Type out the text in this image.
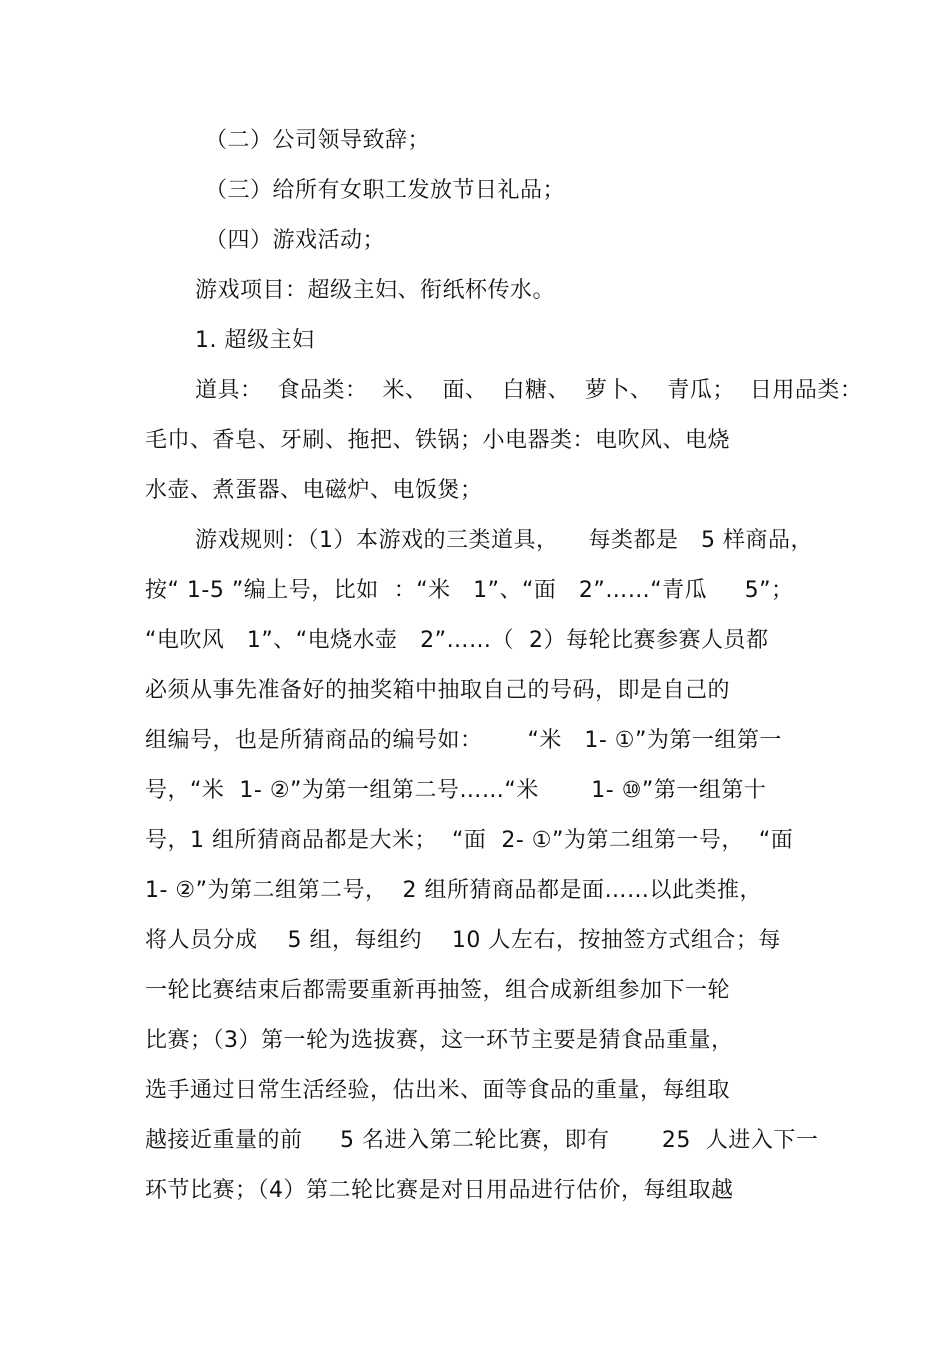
（二）公司领导致辞；
（三）给所有女职工发放节日礼品；
（四）游戏活动；
游戏项目：超级主妇、衔纸杯传水。
1. 超级主妇
道具：  食品类：  米、  面、  白糖、  萝卜、  青瓜；  日用品类：
毛巾、香皂、牙刷、拖把、铁锅；小电器类：电吹风、电烧
水壶、煮蛋器、电磁炉、电饭煲；
游戏规则：（1）本游戏的三类道具，    每类都是   5 样商品，
按“ 1-5 ”编上号，比如  ：“米   1”、“面   2”……“青瓜     5”；
“电吹风   1”、“电烧水壶   2”……（  2）每轮比赛参赛人员都
必须从事先准备好的抽奖箱中抽取自己的号码，即是自己的
组编号，也是所猜商品的编号如：      “米   1- ①”为第一组第一
号，“米  1- ②”为第一组第二号……“米       1- ⑩”第一组第十
号，1 组所猜商品都是大米；  “面  2- ①”为第二组第一号，  “面
1- ②”为第二组第二号，  2 组所猜商品都是面……以此类推，
将人员分成    5 组，每组约    10 人左右，按抽签方式组合；每
一轮比赛结束后都需要重新再抽签，组合成新组参加下一轮
比赛；（3）第一轮为选拔赛，这一环节主要是猜食品重量，
选手通过日常生活经验，估出米、面等食品的重量，每组取
越接近重量的前     5 名进入第二轮比赛，即有       25  人进入下一
环节比赛；（4）第二轮比赛是对日用品进行估价，每组取越
